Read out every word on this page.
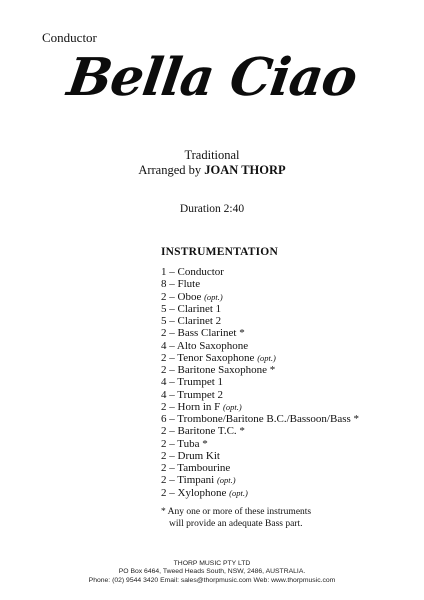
Conductor
Bella Ciao
Traditional
Arranged by JOAN THORP
Duration 2:40
INSTRUMENTATION
1 – Conductor
8 – Flute
2 – Oboe (opt.)
5 – Clarinet 1
5 – Clarinet 2
2 – Bass Clarinet *
4 – Alto Saxophone
2 – Tenor Saxophone (opt.)
2 – Baritone Saxophone *
4 – Trumpet 1
4 – Trumpet 2
2 – Horn in F (opt.)
6 – Trombone/Baritone B.C./Bassoon/Bass *
2 – Baritone T.C. *
2 – Tuba *
2 – Drum Kit
2 – Tambourine
2 – Timpani (opt.)
2 – Xylophone (opt.)
* Any one or more of these instruments
will provide an adequate Bass part.
THORP MUSIC PTY LTD
PO Box 6464, Tweed Heads South, NSW, 2486, AUSTRALIA.
Phone: (02) 9544 3420 Email: sales@thorpmusic.com Web: www.thorpmusic.com
